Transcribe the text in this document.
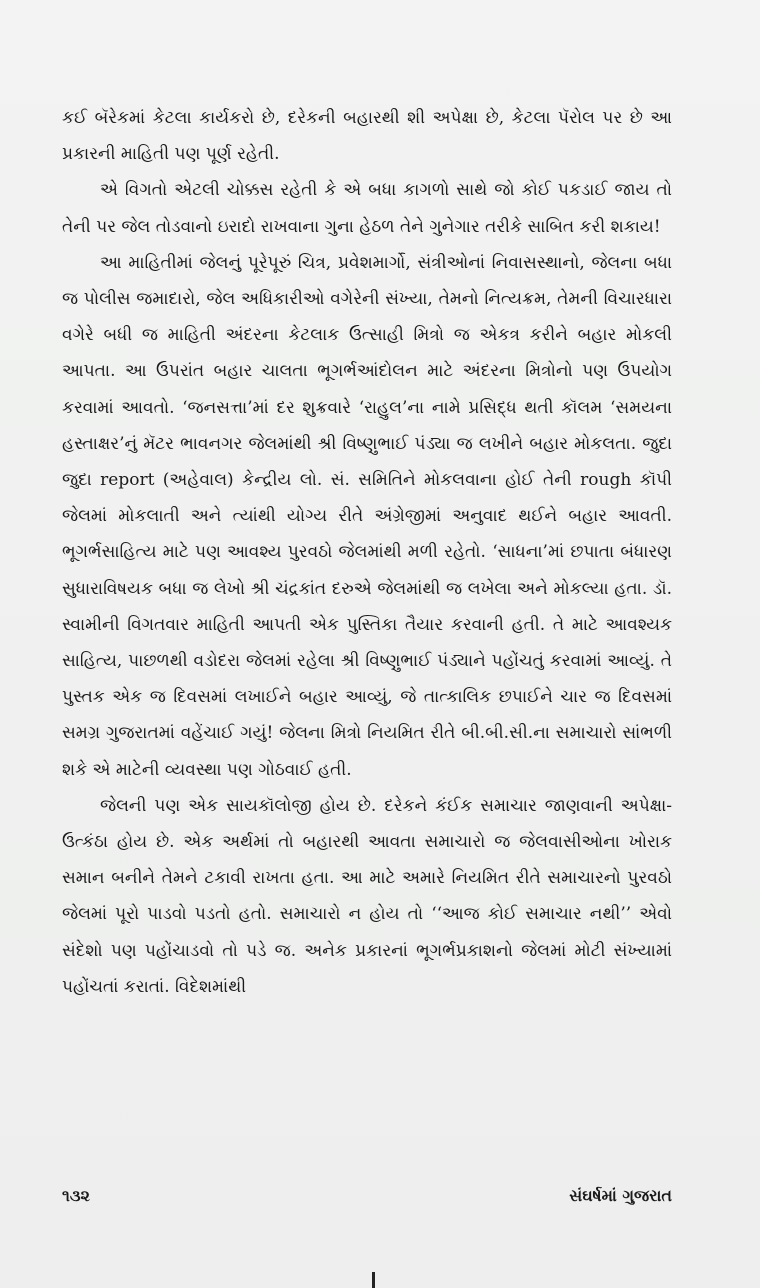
કઈ બૅરેકમાં કેટલા કાર્યકરો છે, દરેકની બહારથી શી અપેક્ષા છે, કેટલા પૅરોલ પર છે આ પ્રકારની માહિતી પણ પૂર્ણ રહેતી.

એ વિગતો એટલી ચોક્કસ રહેતી કે એ બધા કાગળો સાથે જો કોઈ પકડાઈ જાય તો તેની પર જેલ તોડવાનો ઇરાદો રાખવાના ગુના હેઠળ તેને ગુનેગાર તરીકે સાબિત કરી શકાય!

આ માહિતીમાં જેલનું પૂરેપૂરું ચિત્ર, પ્રવેશમાર્ગો, સંત્રીઓનાં નિવાસસ્થાનો, જેલના બધા જ પોલીસ જમાદારો, જેલ અધિકારીઓ વગેરેની સંખ્યા, તેમનો નિત્યક્રમ, તેમની વિચારધારા વગેરે બધી જ માહિતી અંદરના કેટલાક ઉત્સાહી મિત્રો જ એકત્ર કરીને બહાર મોકલી આપતા. આ ઉપરાંત બહાર ચાલતા ભૂગર્ભઆંદોલન માટે અંદરના મિત્રોનો પણ ઉપયોગ કરવામાં આવતો. ‘જનસત્તા’માં દર શુક્રવારે ‘રાહુલ’ના નામે પ્રસિદ્ધ થતી કૉલમ ‘સમયના હસ્તાક્ષર’નું મૅટર ભાવનગર જેલમાંથી શ્રી વિષ્ણુભાઈ પંડ્યા જ લખીને બહાર મોકલતા. જુદા જુદા report (અહેવાલ) કેન્દ્રીય લો. સં. સમિતિને મોકલવાના હોઈ તેની rough કૉપી જેલમાં મોકલાતી અને ત્યાંથી યોગ્ય રીતે અંગ્રેજીમાં અનુવાદ થઈને બહાર આવતી. ભૂગર્ભસાહિત્ય માટે પણ આવશ્ય પુરવઠો જેલમાંથી મળી રહેતો. ‘સાધના’માં છપાતા બંધારણ સુધારાવિષયક બધા જ લેખો શ્રી ચંદ્રકાંત દરુએ જેલમાંથી જ લખેલા અને મોકલ્યા હતા. ડૉ. સ્વામીની વિગતવાર માહિતી આપતી એક પુસ્તિકા તૈયાર કરવાની હતી. તે માટે આવશ્યક સાહિત્ય, પાછળથી વડોદરા જેલમાં રહેલા શ્રી વિષ્ણુભાઈ પંડ્યાને પહોંચતું કરવામાં આવ્યું. તે પુસ્તક એક જ દિવસમાં લખાઈને બહાર આવ્યું, જે તાત્કાલિક છપાઈને ચાર જ દિવસમાં સમગ્ર ગુજરાતમાં વહેંચાઈ ગયું! જેલના મિત્રો નિયમિત રીતે બી.બી.સી.ના સમાચારો સાંભળી શકે એ માટેની વ્યવસ્થા પણ ગોઠવાઈ હતી.

જેલની પણ એક સાયકૉલોજી હોય છે. દરેકને કંઈક સમાચાર જાણવાની અપેક્ષા-ઉત્કંઠા હોય છે. એક અર્થમાં તો બહારથી આવતા સમાચારો જ જેલવાસીઓના ખોરાક સમાન બનીને તેમને ટકાવી રાખતા હતા. આ માટે અમારે નિયમિત રીતે સમાચારનો પુરવઠો જેલમાં પૂરો પાડવો પડતો હતો. સમાચારો ન હોય તો ‘‘આજ કોઈ સમાચાર નથી’’ એવો સંદેશો પણ પહોંચાડવો તો પડે જ. અનેક પ્રકારનાં ભૂગર્ભપ્રકાશનો જેલમાં મોટી સંખ્યામાં પહોંચતાં કરાતાં. વિદેશમાંથી

૧૩૨	સંઘર્ષમાં ગુજરાત
